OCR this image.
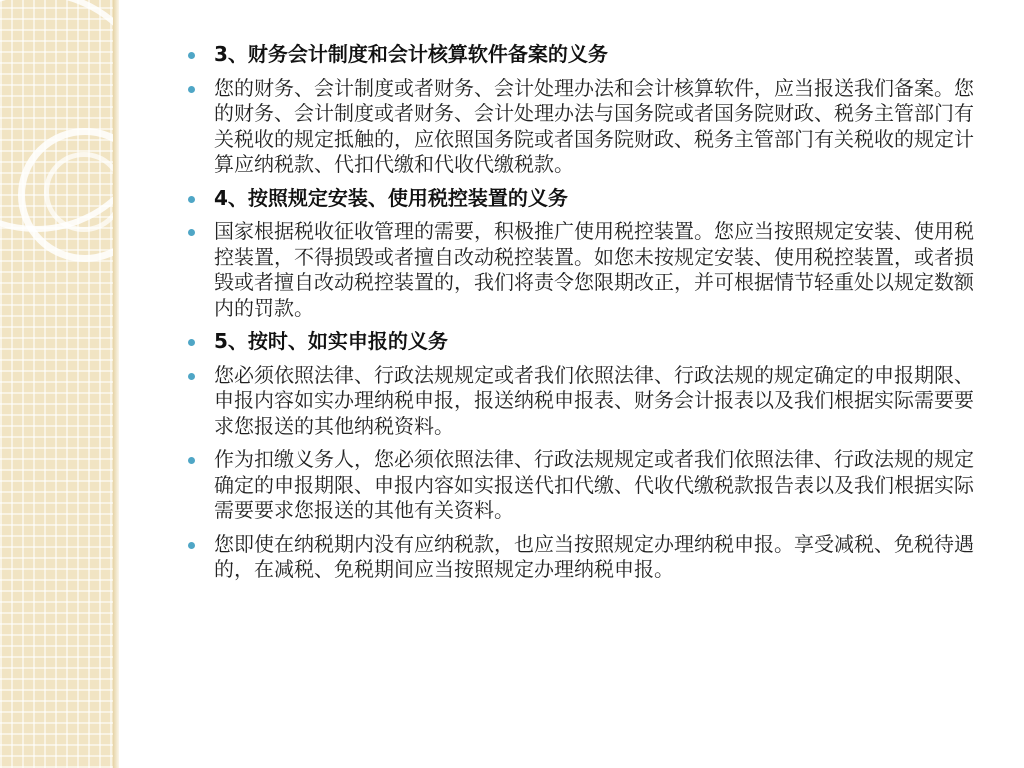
3、财务会计制度和会计核算软件备案的义务
您的财务、会计制度或者财务、会计处理办法和会计核算软件，应当报送我们备案。您的财务、会计制度或者财务、会计处理办法与国务院或者国务院财政、税务主管部门有关税收的规定抵触的，应依照国务院或者国务院财政、税务主管部门有关税收的规定计算应纳税款、代扣代缴和代收代缴税款。
4、按照规定安装、使用税控装置的义务
国家根据税收征收管理的需要，积极推广使用税控装置。您应当按照规定安装、使用税控装置，不得损毁或者擅自改动税控装置。如您未按规定安装、使用税控装置，或者损毁或者擅自改动税控装置的，我们将责令您限期改正，并可根据情节轻重处以规定数额内的罚款。
5、按时、如实申报的义务
您必须依照法律、行政法规规定或者我们依照法律、行政法规的规定确定的申报期限、申报内容如实办理纳税申报，报送纳税申报表、财务会计报表以及我们根据实际需要要求您报送的其他纳税资料。
作为扣缴义务人，您必须依照法律、行政法规规定或者我们依照法律、行政法规的规定确定的申报期限、申报内容如实报送代扣代缴、代收代缴税款报告表以及我们根据实际需要要求您报送的其他有关资料。
您即使在纳税期内没有应纳税款，也应当按照规定办理纳税申报。享受减税、免税待遇的，在减税、免税期间应当按照规定办理纳税申报。
